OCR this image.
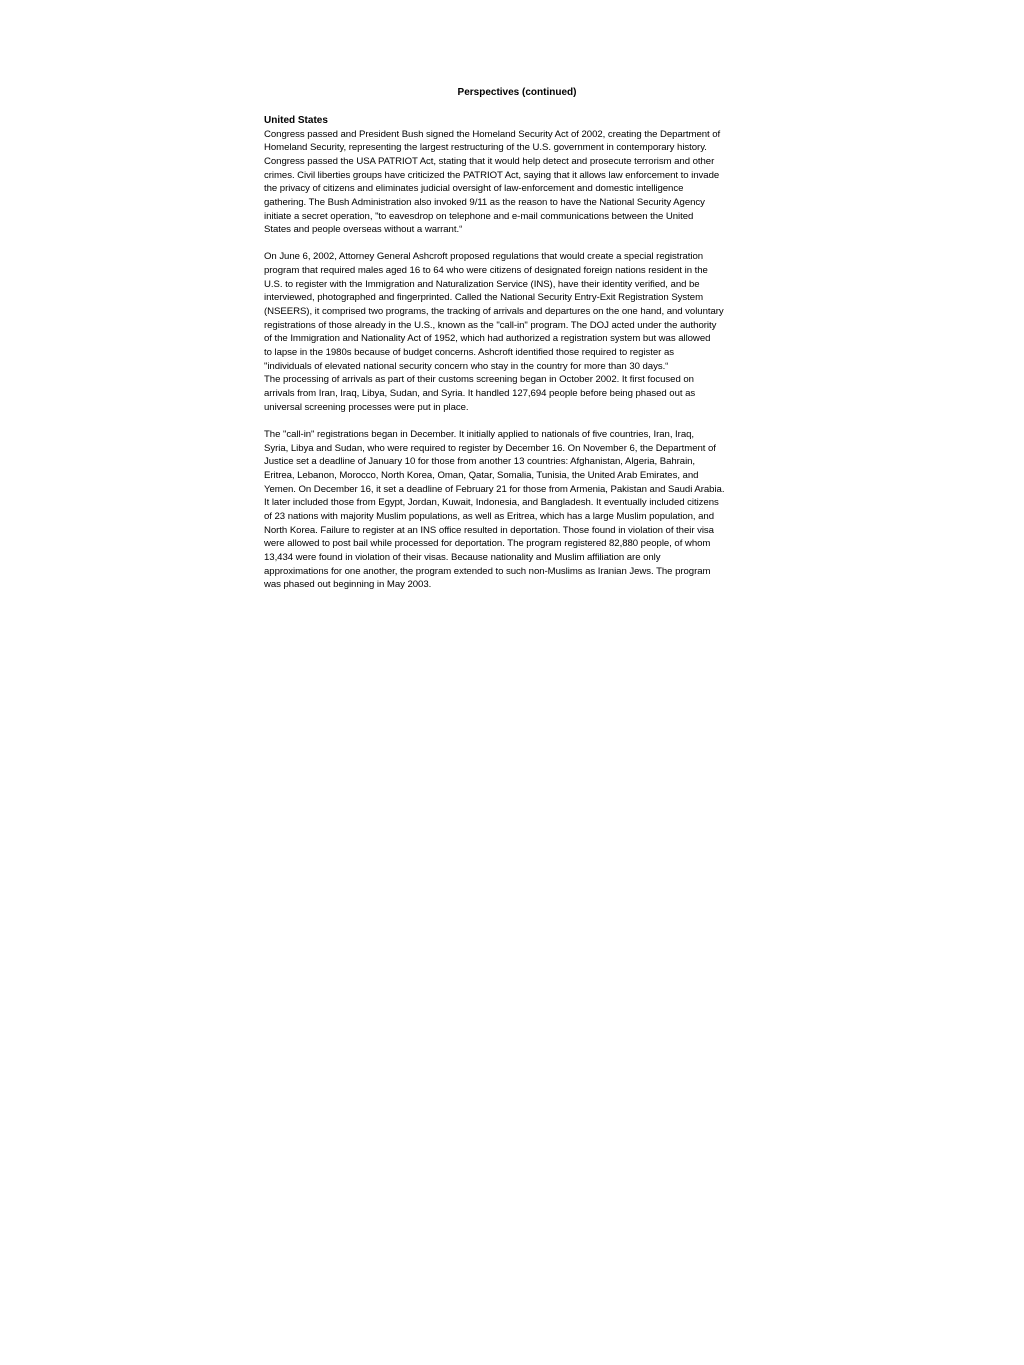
Perspectives (continued)
United States
Congress passed and President Bush signed the Homeland Security Act of 2002, creating the Department of
Homeland Security, representing the largest restructuring of the U.S. government in contemporary history.
Congress passed the USA PATRIOT Act, stating that it would help detect and prosecute terrorism and other
crimes. Civil liberties groups have criticized the PATRIOT Act, saying that it allows law enforcement to invade
the privacy of citizens and eliminates judicial oversight of law-enforcement and domestic intelligence
gathering. The Bush Administration also invoked 9/11 as the reason to have the National Security Agency
initiate a secret operation, "to eavesdrop on telephone and e-mail communications between the United
States and people overseas without a warrant.“
On June 6, 2002, Attorney General Ashcroft proposed regulations that would create a special registration
program that required males aged 16 to 64 who were citizens of designated foreign nations resident in the
U.S. to register with the Immigration and Naturalization Service (INS), have their identity verified, and be
interviewed, photographed and fingerprinted. Called the National Security Entry-Exit Registration System
(NSEERS), it comprised two programs, the tracking of arrivals and departures on the one hand, and voluntary
registrations of those already in the U.S., known as the "call-in" program. The DOJ acted under the authority
of the Immigration and Nationality Act of 1952, which had authorized a registration system but was allowed
to lapse in the 1980s because of budget concerns. Ashcroft identified those required to register as
"individuals of elevated national security concern who stay in the country for more than 30 days.“
The processing of arrivals as part of their customs screening began in October 2002. It first focused on
arrivals from Iran, Iraq, Libya, Sudan, and Syria. It handled 127,694 people before being phased out as
universal screening processes were put in place.
The "call-in" registrations began in December. It initially applied to nationals of five countries, Iran, Iraq,
Syria, Libya and Sudan, who were required to register by December 16. On November 6, the Department of
Justice set a deadline of January 10 for those from another 13 countries: Afghanistan, Algeria, Bahrain,
Eritrea, Lebanon, Morocco, North Korea, Oman, Qatar, Somalia, Tunisia, the United Arab Emirates, and
Yemen. On December 16, it set a deadline of February 21 for those from Armenia, Pakistan and Saudi Arabia.
It later included those from Egypt, Jordan, Kuwait, Indonesia, and Bangladesh. It eventually included citizens
of 23 nations with majority Muslim populations, as well as Eritrea, which has a large Muslim population, and
North Korea. Failure to register at an INS office resulted in deportation. Those found in violation of their visa
were allowed to post bail while processed for deportation. The program registered 82,880 people, of whom
13,434 were found in violation of their visas. Because nationality and Muslim affiliation are only
approximations for one another, the program extended to such non-Muslims as Iranian Jews. The program
was phased out beginning in May 2003.
